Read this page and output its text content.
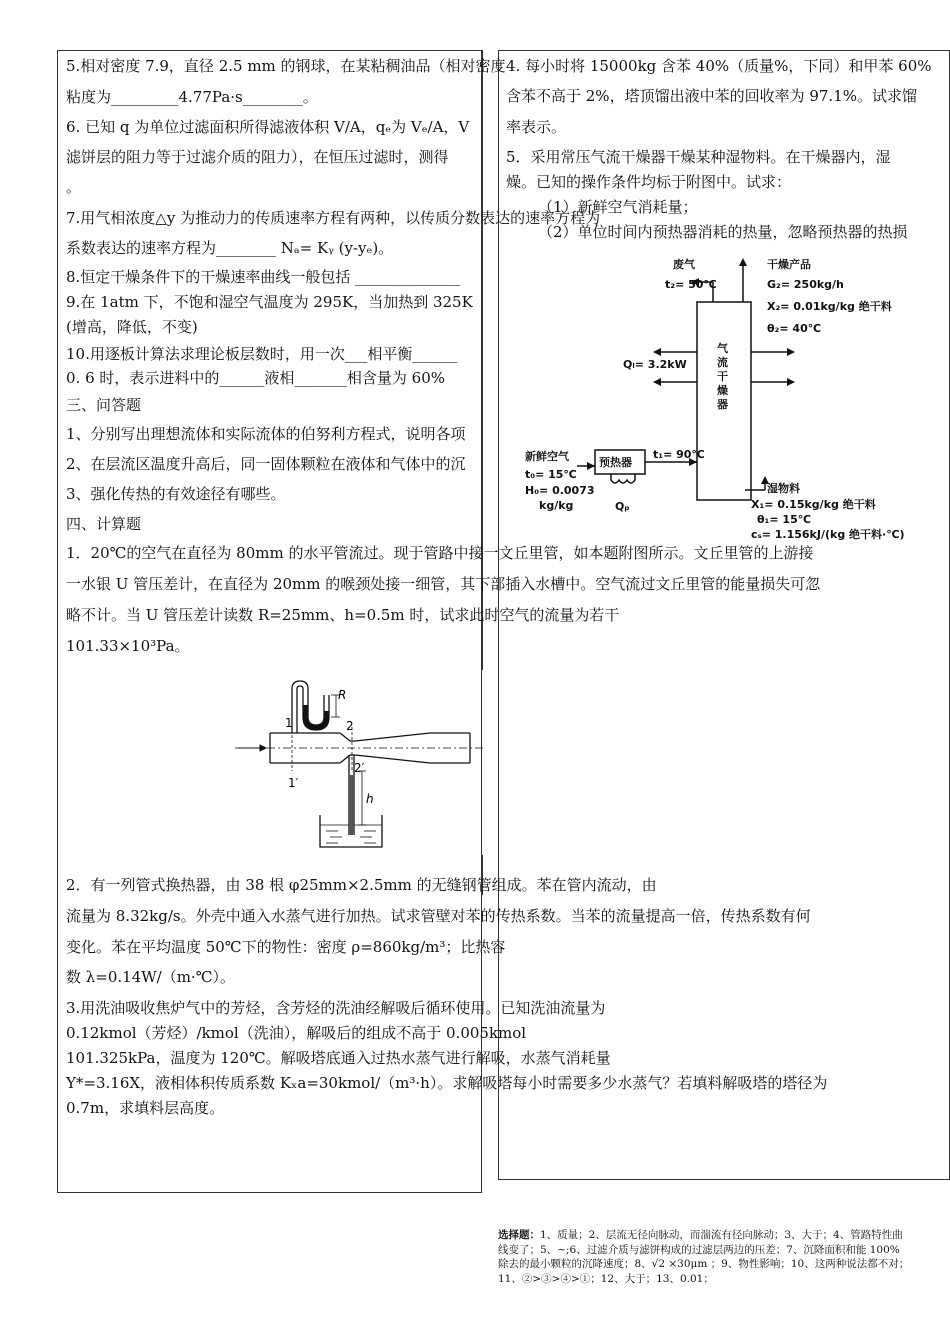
5.相对密度 7.9，直径 2.5 mm 的钢球，在某粘稠油品（相对密度
粘度为_________4.77Pa·s________。
6. 已知 q 为单位过滤面积所得滤液体积 V/A，qₑ为 Vₑ/A，V
滤饼层的阻力等于过滤介质的阻力），在恒压过滤时，测得
。
7.用气相浓度△y 为推动力的传质速率方程有两种，以传质分数表达的速率方程为
系数表达的速率方程为________ Nₐ= Kᵧ (y-yₑ)。
8.恒定干燥条件下的干燥速率曲线一般包括 ______________
9.在 1atm 下，不饱和湿空气温度为 295K，当加热到 325K
(增高，降低，不变)
10.用逐板计算法求理论板层数时，用一次___相平衡______
0. 6 时，表示进料中的______液相_______相含量为 60%
三、问答题
1、分别写出理想流体和实际流体的伯努利方程式，说明各项
2、在层流区温度升高后，同一固体颗粒在液体和气体中的沉
3、强化传热的有效途径有哪些。
四、计算题
1．20℃的空气在直径为 80mm 的水平管流过。现于管路中接一文丘里管，如本题附图所示。文丘里管的上游接
一水银 U 管压差计，在直径为 20mm 的喉颈处接一细管，其下部插入水槽中。空气流过文丘里管的能量损失可忽
略不计。当 U 管压差计读数 R=25mm、h=0.5m 时，试求此时空气的流量为若干
101.33×10³Pa。
R
1	2
1′
2′
h
2．有一列管式换热器，由 38 根 φ25mm×2.5mm 的无缝钢管组成。苯在管内流动，由
流量为 8.32kg/s。外壳中通入水蒸气进行加热。试求管壁对苯的传热系数。当苯的流量提高一倍，传热系数有何
变化。苯在平均温度 50℃下的物性：密度 ρ=860kg/m³；比热容
数 λ=0.14W/（m·℃）。
3.用洗油吸收焦炉气中的芳烃，含芳烃的洗油经解吸后循环使用。已知洗油流量为
0.12kmol（芳烃）/kmol（洗油），解吸后的组成不高于 0.005kmol
101.325kPa，温度为 120℃。解吸塔底通入过热水蒸气进行解吸，水蒸气消耗量
Y*=3.16X，液相体积传质系数 Kₓa=30kmol/（m³·h）。求解吸塔每小时需要多少水蒸气？若填料解吸塔的塔径为
0.7m，求填料层高度。
4. 每小时将 15000kg 含苯 40%（质量%，下同）和甲苯 60%
含苯不高于 2%，塔顶馏出液中苯的回收率为 97.1%。试求馏
率表示。
5．采用常压气流干燥器干燥某种湿物料。在干燥器内，湿
燥。已知的操作条件均标于附图中。试求：
（1）新鲜空气消耗量；
（2）单位时间内预热器消耗的热量，忽略预热器的热损
废气
t₂= 50℃
干燥产品
G₂= 250kg/h
X₂= 0.01kg/kg 绝干料
θ₂= 40℃
Qₗ= 3.2kW
气
流
干
燥
器
新鲜空气
t₀= 15℃
H₀= 0.0073
kg/kg
预热器
Qₚ
t₁= 90℃
湿物料
X₁= 0.15kg/kg 绝干料
θ₁= 15℃
cₛ= 1.156kJ/(kg 绝干料·℃)
选择题：1、质量；2、层流无径向脉动，而湍流有径向脉动；3、大于；4、管路特性曲线变了；5、~;6、过滤介质与滤饼构成的过滤层两边的压差；7、沉降面积和能 100%除去的最小颗粒的沉降速度；8、√2 ×30μm ；9、物性影响；10、这两种说法都不对；11、②>③>④>①；12、大于；13、0.01；
